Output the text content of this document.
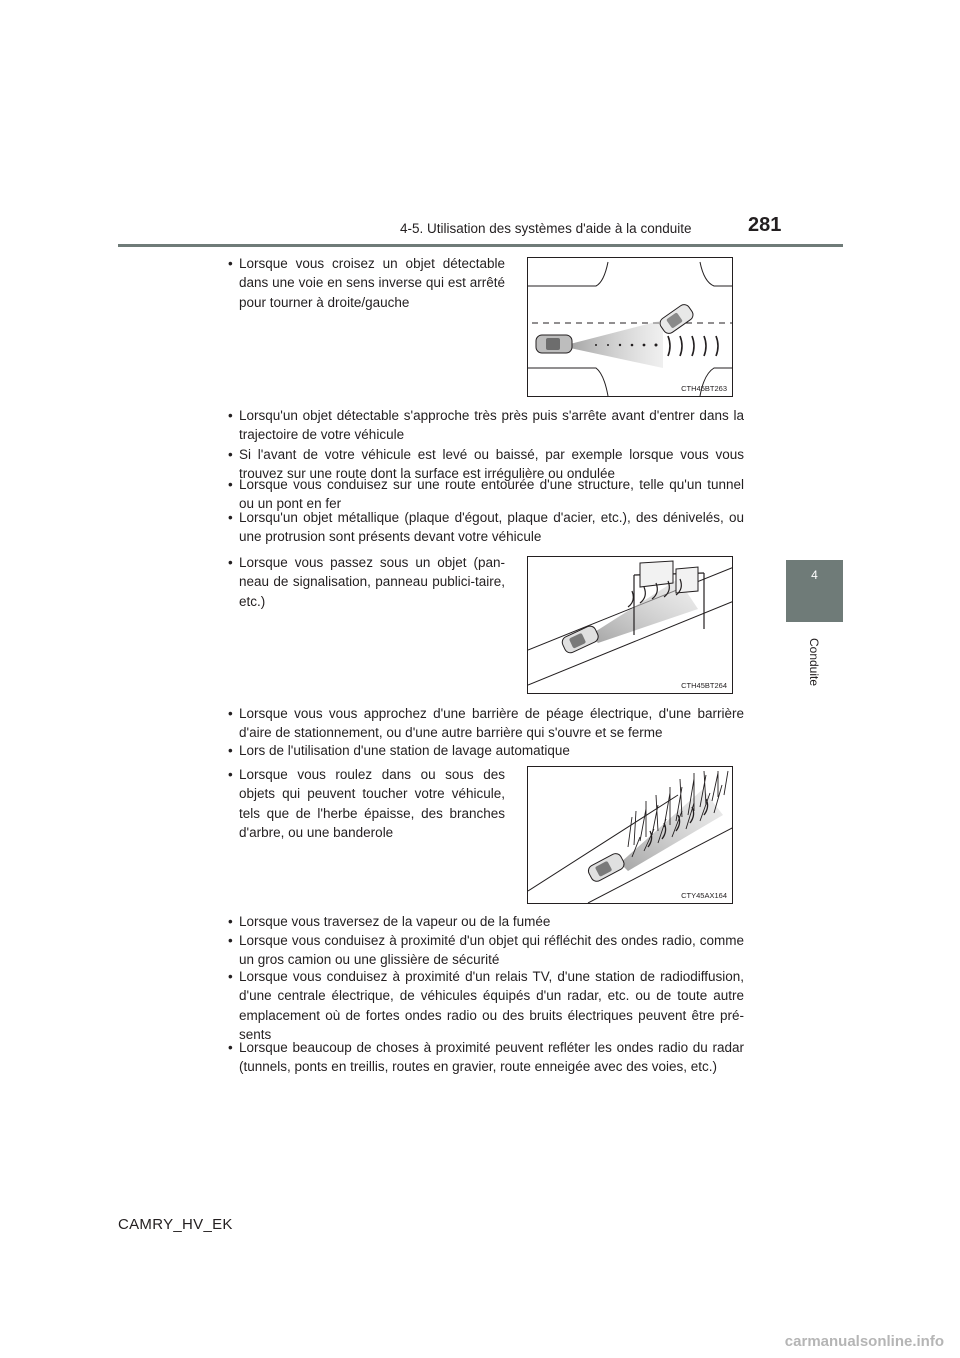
4-5. Utilisation des systèmes d'aide à la conduite	281
4
Conduite
• Lorsque vous croisez un objet détectable dans une voie en sens inverse qui est arrêté pour tourner à droite/gauche
CTH45BT263
• Lorsqu'un objet détectable s'approche très près puis s'arrête avant d'entrer dans la trajectoire de votre véhicule
• Si l'avant de votre véhicule est levé ou baissé, par exemple lorsque vous vous trouvez sur une route dont la surface est irrégulière ou ondulée
• Lorsque vous conduisez sur une route entourée d'une structure, telle qu'un tunnel ou un pont en fer
• Lorsqu'un objet métallique (plaque d'égout, plaque d'acier, etc.), des dénivelés, ou une protrusion sont présents devant votre véhicule
• Lorsque vous passez sous un objet (pan-neau de signalisation, panneau publici-taire, etc.)
CTH45BT264
• Lorsque vous vous approchez d'une barrière de péage électrique, d'une barrière d'aire de stationnement, ou d'une autre barrière qui s'ouvre et se ferme
• Lors de l'utilisation d'une station de lavage automatique
• Lorsque vous roulez dans ou sous des objets qui peuvent toucher votre véhicule, tels que de l'herbe épaisse, des branches d'arbre, ou une banderole
CTY45AX164
• Lorsque vous traversez de la vapeur ou de la fumée
• Lorsque vous conduisez à proximité d'un objet qui réfléchit des ondes radio, comme un gros camion ou une glissière de sécurité
• Lorsque vous conduisez à proximité d'un relais TV, d'une station de radiodiffusion, d'une centrale électrique, de véhicules équipés d'un radar, etc. ou de toute autre emplacement où de fortes ondes radio ou des bruits électriques peuvent être pré-sents
• Lorsque beaucoup de choses à proximité peuvent refléter les ondes radio du radar (tunnels, ponts en treillis, routes en gravier, route enneigée avec des voies, etc.)
CAMRY_HV_EK
carmanualsonline.info
